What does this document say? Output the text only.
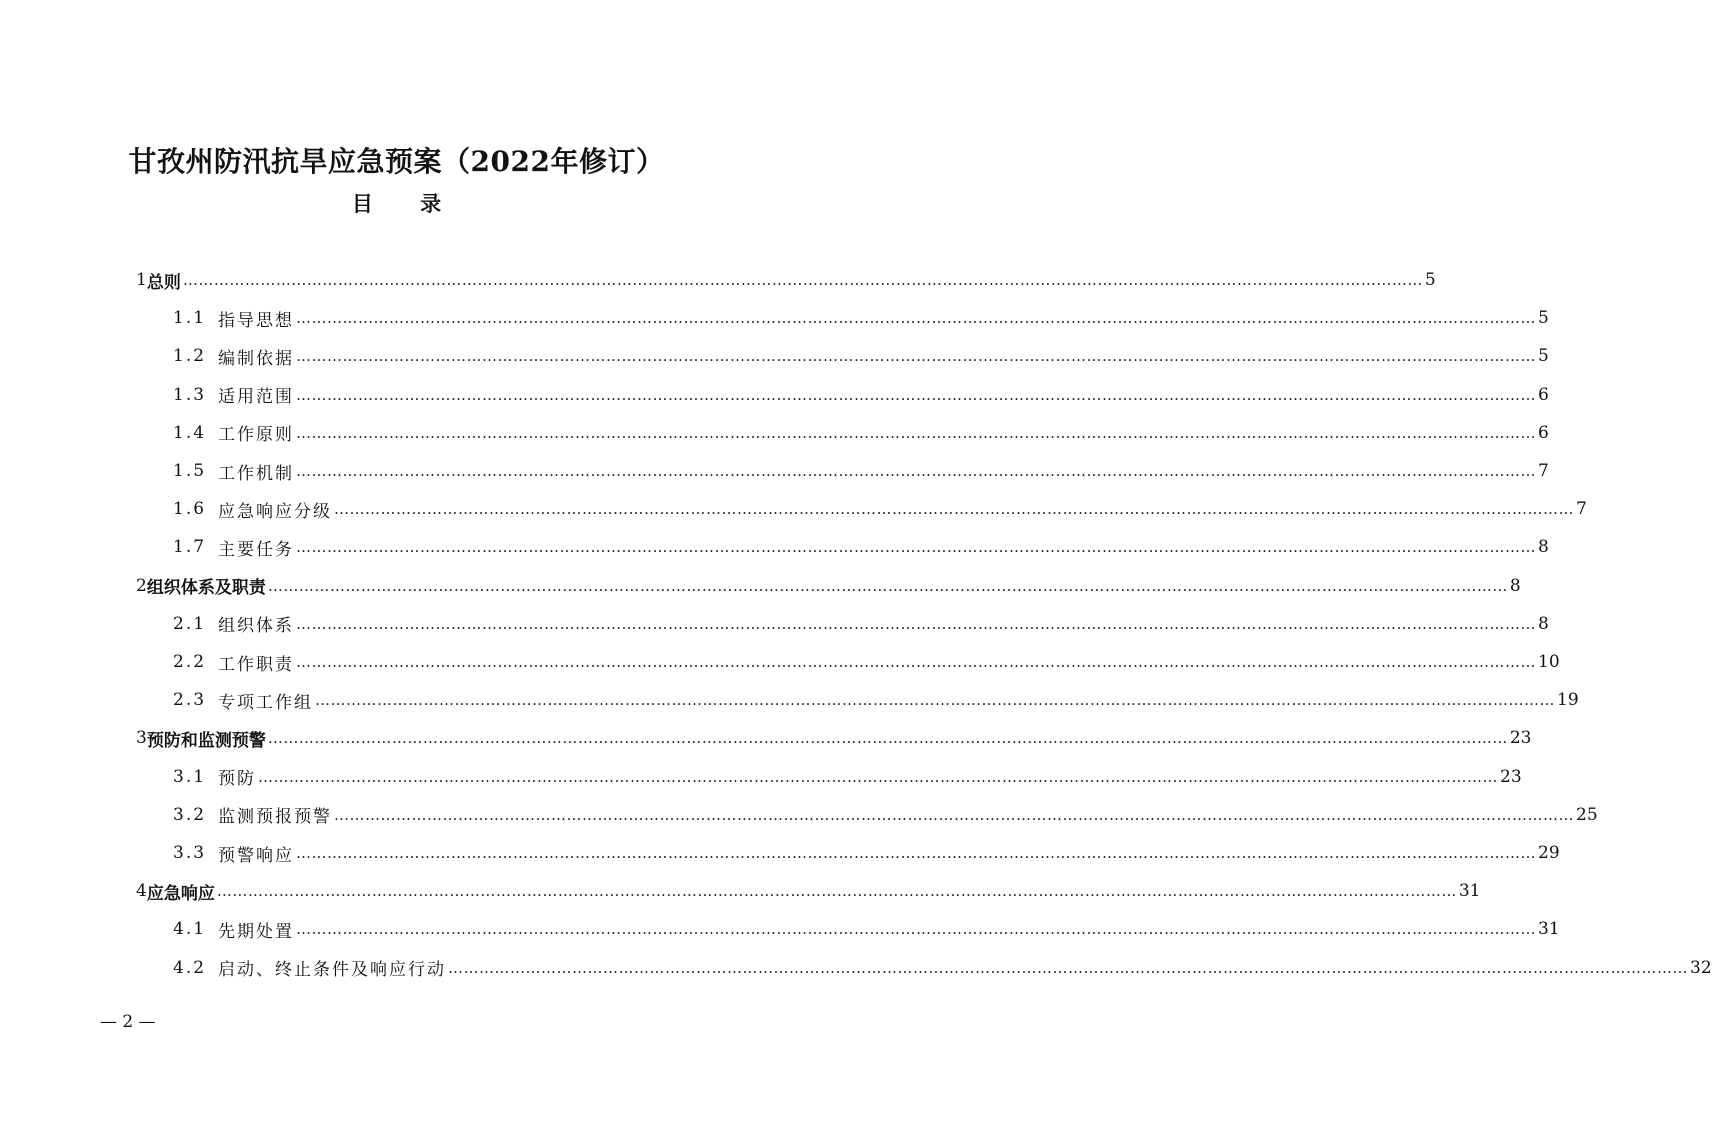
甘孜州防汛抗旱应急预案（2022年修订）
目 录
1 总则 …………………………………………………………………………………………………………………………………………………………………………………………………………………… 5
1.1 指导思想 …………………………………………………………………………………………………………………………………………………………………………………………………………………… 5
1.2 编制依据 …………………………………………………………………………………………………………………………………………………………………………………………………………………… 5
1.3 适用范围 …………………………………………………………………………………………………………………………………………………………………………………………………………………… 6
1.4 工作原则 …………………………………………………………………………………………………………………………………………………………………………………………………………………… 6
1.5 工作机制 …………………………………………………………………………………………………………………………………………………………………………………………………………………… 7
1.6 应急响应分级 …………………………………………………………………………………………………………………………………………………………………………………………………………………… 7
1.7 主要任务 …………………………………………………………………………………………………………………………………………………………………………………………………………………… 8
2 组织体系及职责 …………………………………………………………………………………………………………………………………………………………………………………………………………………… 8
2.1 组织体系 …………………………………………………………………………………………………………………………………………………………………………………………………………………… 8
2.2 工作职责 …………………………………………………………………………………………………………………………………………………………………………………………………………………… 10
2.3 专项工作组 …………………………………………………………………………………………………………………………………………………………………………………………………………………… 19
3 预防和监测预警 …………………………………………………………………………………………………………………………………………………………………………………………………………………… 23
3.1 预防 …………………………………………………………………………………………………………………………………………………………………………………………………………………… 23
3.2 监测预报预警 …………………………………………………………………………………………………………………………………………………………………………………………………………………… 25
3.3 预警响应 …………………………………………………………………………………………………………………………………………………………………………………………………………………… 29
4 应急响应 …………………………………………………………………………………………………………………………………………………………………………………………………………………… 31
4.1 先期处置 …………………………………………………………………………………………………………………………………………………………………………………………………………………… 31
4.2 启动、终止条件及响应行动 …………………………………………………………………………………………………………………………………………………………………………………………………………………… 32
— 2 —
